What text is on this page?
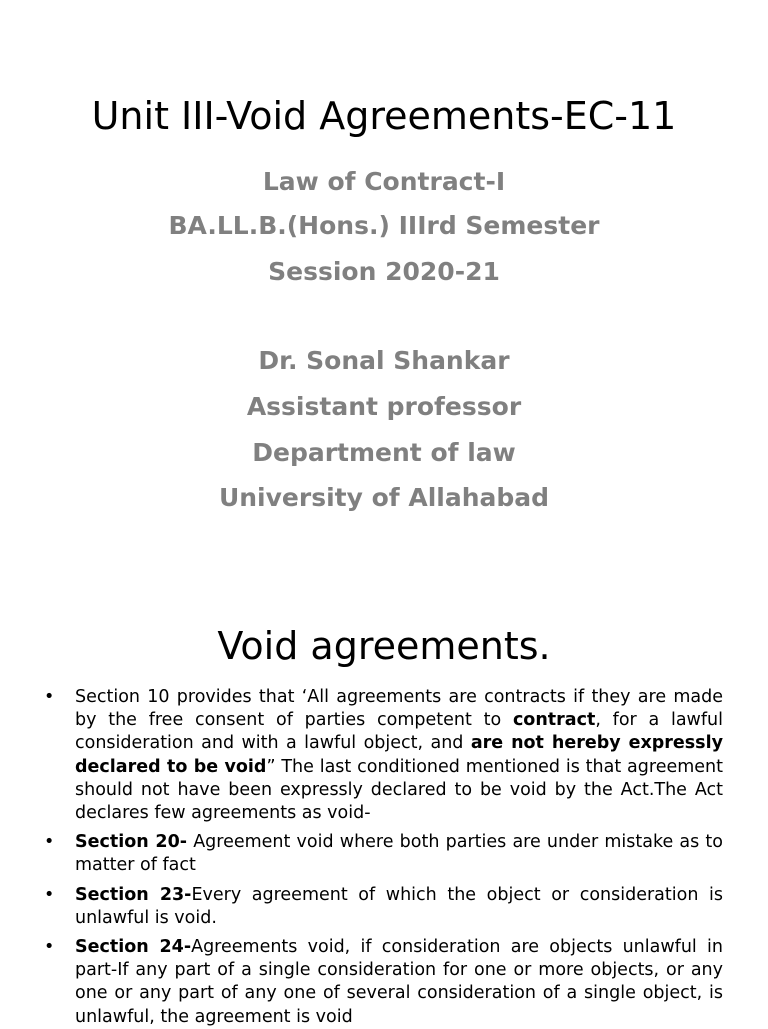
Unit III-Void Agreements-EC-11
Law of Contract-I
BA.LL.B.(Hons.) IIIrd Semester
Session 2020-21
Dr. Sonal Shankar
Assistant professor
Department of law
University of Allahabad
Void agreements.
• Section 10 provides that ‘All agreements are contracts if they are made by the free consent of parties competent to contract, for a lawful consideration and with a lawful object, and are not hereby expressly declared to be void” The last conditioned mentioned is that agreement should not have been expressly declared to be void by the Act.The Act declares few agreements as void-
• Section 20- Agreement void where both parties are under mistake as to matter of fact
• Section 23-Every agreement of which the object or consideration is unlawful is void.
• Section 24-Agreements void, if consideration are objects unlawful in part-If any part of a single consideration for one or more objects, or any one or any part of any one of several consideration of a single object, is unlawful, the agreement is void
